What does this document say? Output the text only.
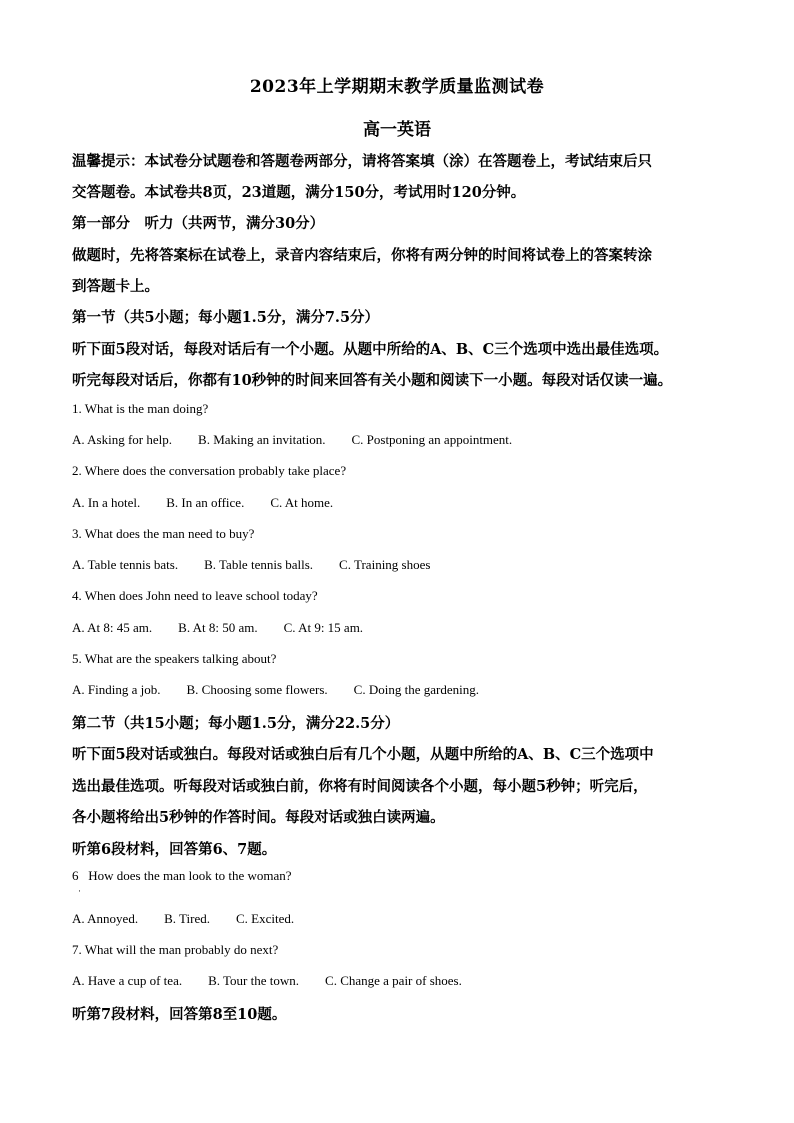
2023年上学期期末教学质量监测试卷
高一英语
温馨提示：本试卷分试题卷和答题卷两部分，请将答案填（涂）在答题卷上，考试结束后只
交答题卷。本试卷共8页，23道题，满分150分，考试用时120分钟。
第一部分　听力（共两节，满分30分）
做题时，先将答案标在试卷上，录音内容结束后，你将有两分钟的时间将试卷上的答案转涂
到答题卡上。
第一节（共5小题；每小题1.5分，满分7.5分）
听下面5段对话，每段对话后有一个小题。从题中所给的A、B、C三个选项中选出最佳选项。
听完每段对话后，你都有10秒钟的时间来回答有关小题和阅读下一小题。每段对话仅读一遍。
1. What is the man doing?
A. Asking for help.        B. Making an invitation.        C. Postponing an appointment.
2. Where does the conversation probably take place?
A. In a hotel.        B. In an office.        C. At home.
3. What does the man need to buy?
A. Table tennis bats.        B. Table tennis balls.        C. Training shoes
4. When does John need to leave school today?
A. At 8: 45 am.        B. At 8: 50 am.        C. At 9: 15 am.
5. What are the speakers talking about?
A. Finding a job.        B. Choosing some flowers.        C. Doing the gardening.
第二节（共15小题；每小题1.5分，满分22.5分）
听下面5段对话或独白。每段对话或独白后有几个小题，从题中所给的A、B、C三个选项中
选出最佳选项。听每段对话或独白前，你将有时间阅读各个小题，每小题5秒钟；听完后，
各小题将给出5秒钟的作答时间。每段对话或独白读两遍。
听第6段材料，回答第6、7题。
6   How does the man look to the woman?
·
A. Annoyed.        B. Tired.        C. Excited.
7. What will the man probably do next?
A. Have a cup of tea.        B. Tour the town.        C. Change a pair of shoes.
听第7段材料，回答第8至10题。
